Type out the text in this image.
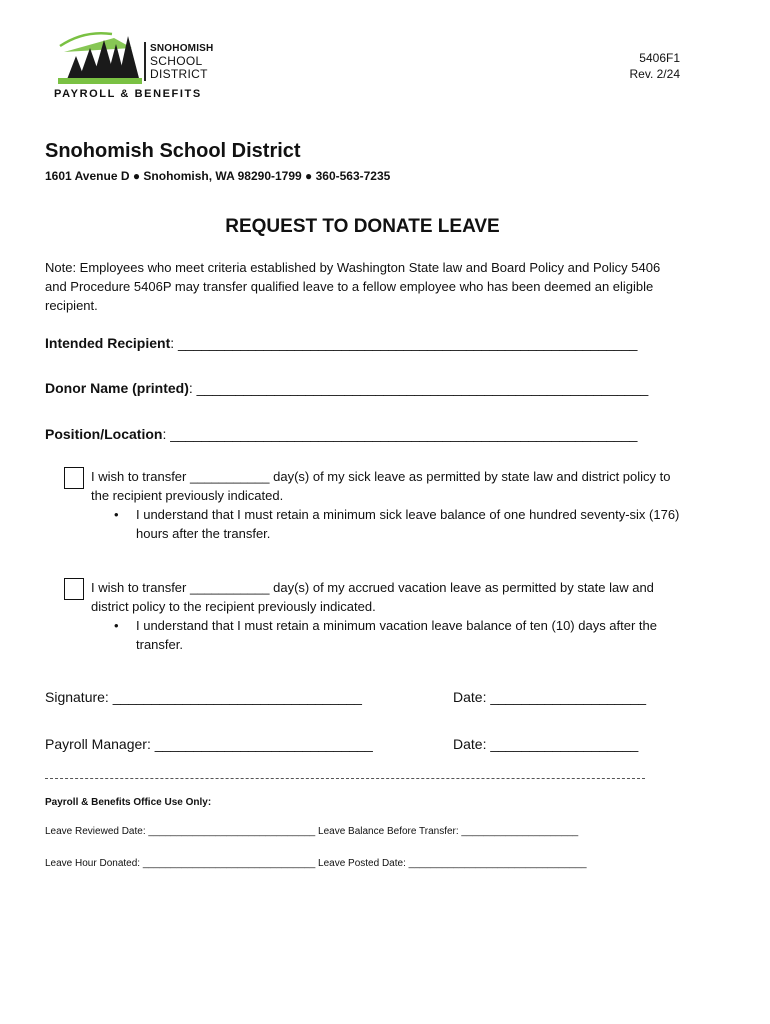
SNOHOMISH
SCHOOL
DISTRICT
PAYROLL & BENEFITS
5406F1
Rev. 2/24
Snohomish School District
1601 Avenue D ● Snohomish, WA 98290-1799 ● 360-563-7235
REQUEST TO DONATE LEAVE
Note: Employees who meet criteria established by Washington State law and Board Policy and Policy 5406 and Procedure 5406P may transfer qualified leave to a fellow employee who has been deemed an eligible recipient.
Intended Recipient: ___________________________________________________________
Donor Name (printed): __________________________________________________________
Position/Location: ____________________________________________________________
I wish to transfer ___________ day(s) of my sick leave as permitted by state law and district policy to the recipient previously indicated.
• I understand that I must retain a minimum sick leave balance of one hundred seventy-six (176) hours after the transfer.
I wish to transfer ___________ day(s) of my accrued vacation leave as permitted by state law and district policy to the recipient previously indicated.
• I understand that I must retain a minimum vacation leave balance of ten (10) days after the transfer.
Signature: ________________________________	Date: ____________________
Payroll Manager: ____________________________	Date: ___________________
Payroll & Benefits Office Use Only:
Leave Reviewed Date: ______________________________ Leave Balance Before Transfer: _____________________
Leave Hour Donated: _______________________________ Leave Posted Date: ________________________________
